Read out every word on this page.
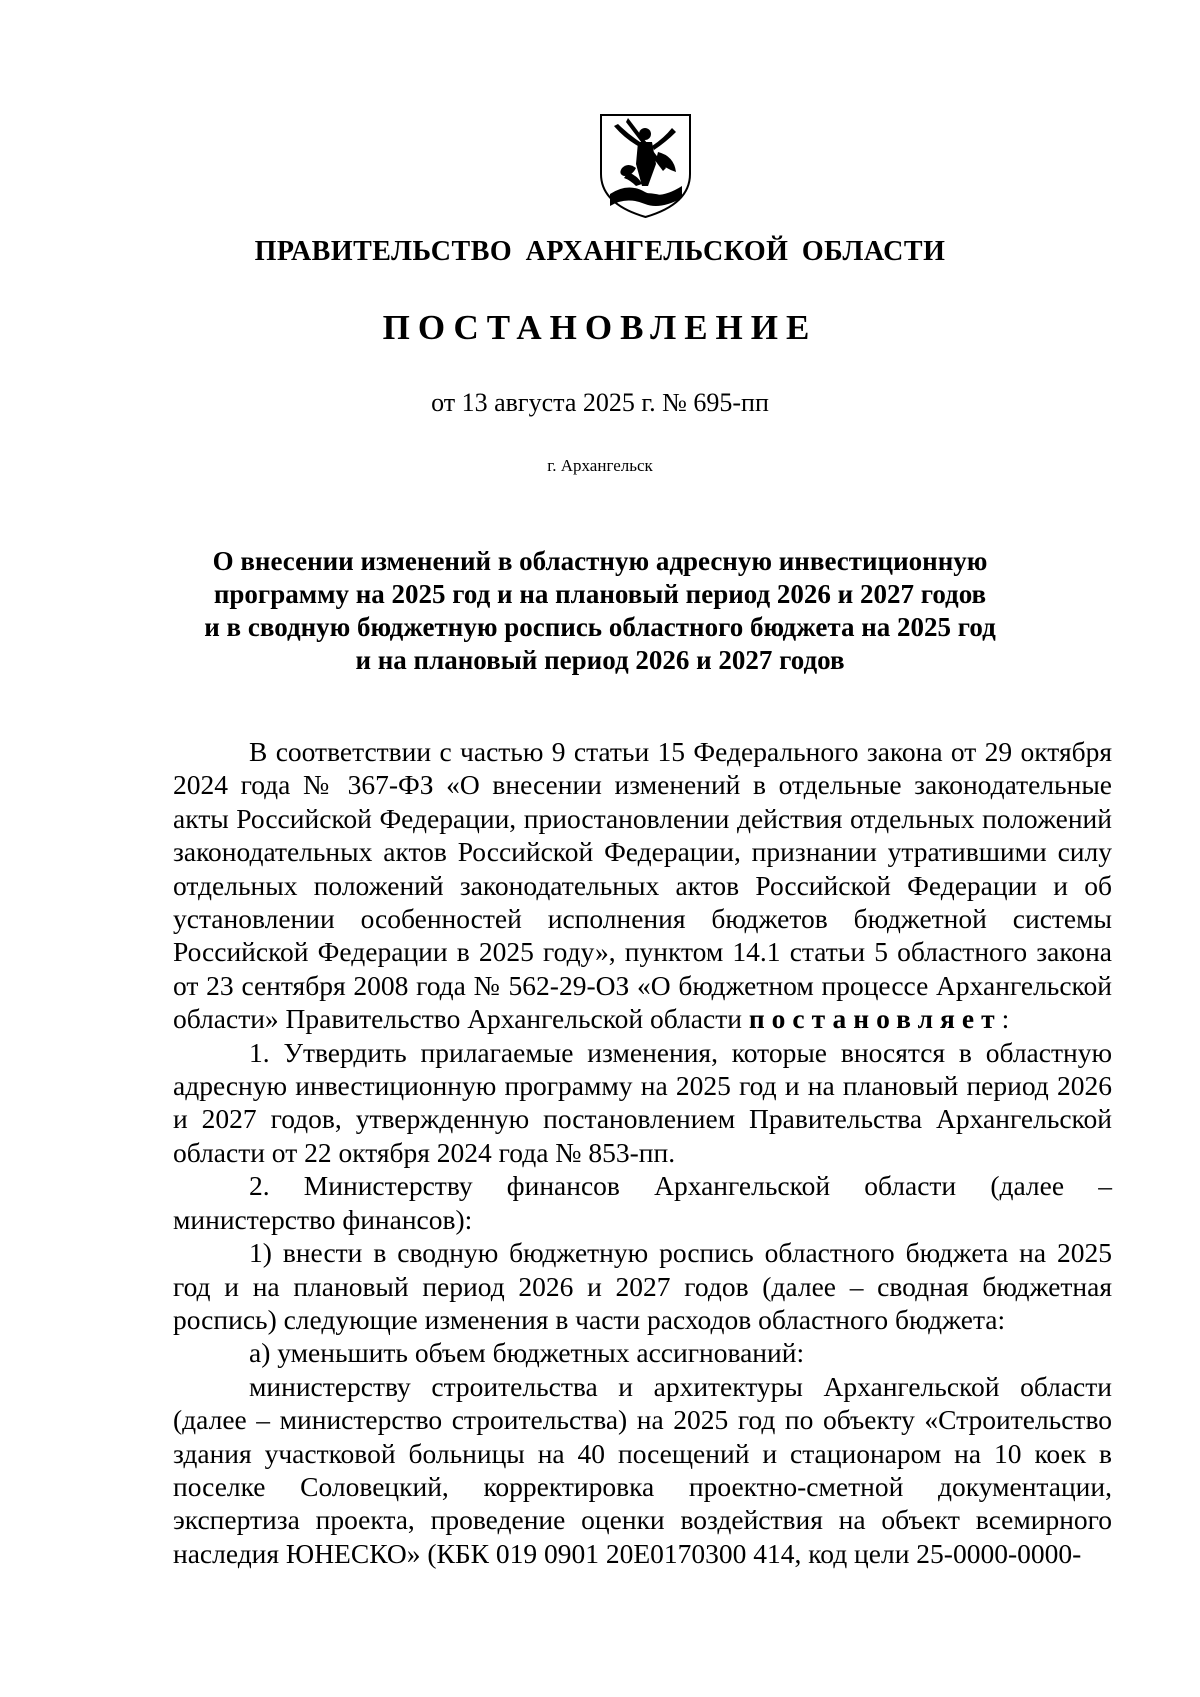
ПРАВИТЕЛЬСТВО АРХАНГЕЛЬСКОЙ ОБЛАСТИ
ПОСТАНОВЛЕНИЕ
от 13 августа 2025 г. № 695-пп
г. Архангельск
О внесении изменений в областную адресную инвестиционную
программу на 2025 год и на плановый период 2026 и 2027 годов
и в сводную бюджетную роспись областного бюджета на 2025 год
и на плановый период 2026 и 2027 годов

В соответствии с частью 9 статьи 15 Федерального закона от 29 октября 2024 года № 367-ФЗ «О внесении изменений в отдельные законодательные акты Российской Федерации, приостановлении действия отдельных положений законодательных актов Российской Федерации, признании утратившими силу отдельных положений законодательных актов Российской Федерации и об установлении особенностей исполнения бюджетов бюджетной системы Российской Федерации в 2025 году», пунктом 14.1 статьи 5 областного закона от 23 сентября 2008 года № 562-29-ОЗ «О бюджетном процессе Архангельской области» Правительство Архангельской области постановляет:

1. Утвердить прилагаемые изменения, которые вносятся в областную адресную инвестиционную программу на 2025 год и на плановый период 2026 и 2027 годов, утвержденную постановлением Правительства Архангельской области от 22 октября 2024 года № 853-пп.

2. Министерству финансов Архангельской области (далее – министерство финансов):

1) внести в сводную бюджетную роспись областного бюджета на 2025 год и на плановый период 2026 и 2027 годов (далее – сводная бюджетная роспись) следующие изменения в части расходов областного бюджета:

а) уменьшить объем бюджетных ассигнований:

министерству строительства и архитектуры Архангельской области (далее – министерство строительства) на 2025 год по объекту «Строительство здания участковой больницы на 40 посещений и стационаром на 10 коек в поселке Соловецкий, корректировка проектно-сметной документации, экспертиза проекта, проведение оценки воздействия на объект всемирного наследия ЮНЕСКО» (КБК 019 0901 20Е0170300 414, код цели 25-0000-0000-
